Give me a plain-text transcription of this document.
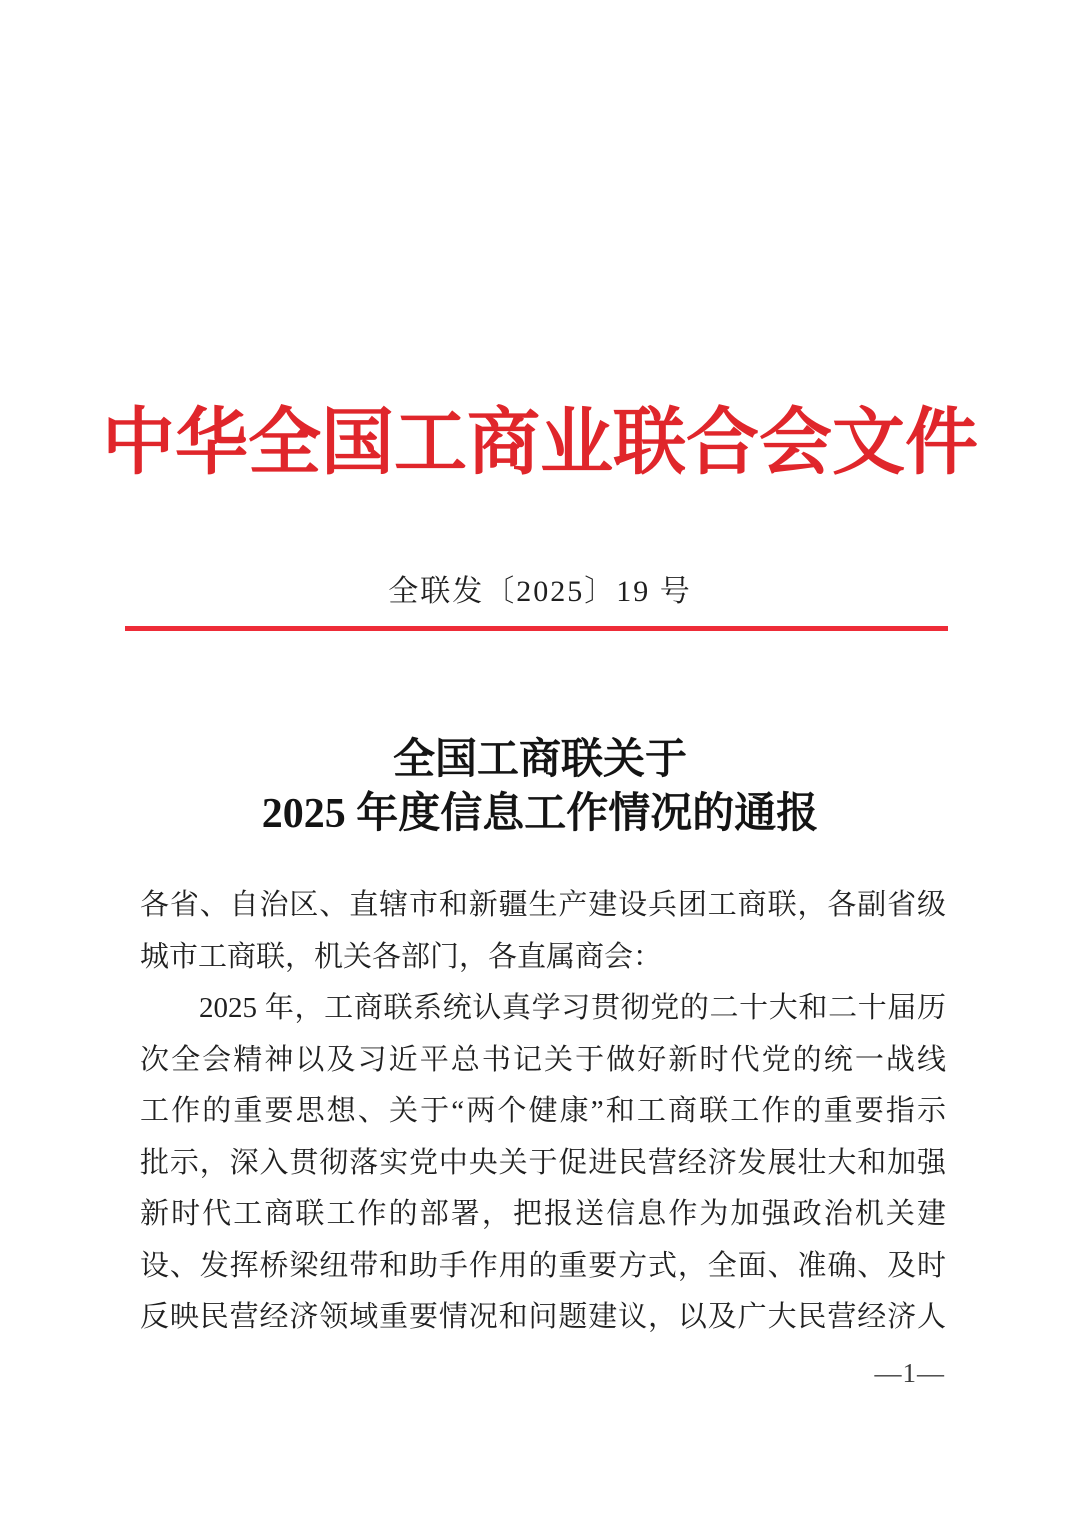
中华全国工商业联合会文件
全联发〔2025〕19 号
全国工商联关于
2025 年度信息工作情况的通报
各省、自治区、直辖市和新疆生产建设兵团工商联，各副省级
城市工商联，机关各部门，各直属商会：
2025 年，工商联系统认真学习贯彻党的二十大和二十届历
次全会精神以及习近平总书记关于做好新时代党的统一战线
工作的重要思想、关于“两个健康”和工商联工作的重要指示
批示，深入贯彻落实党中央关于促进民营经济发展壮大和加强
新时代工商联工作的部署，把报送信息作为加强政治机关建
设、发挥桥梁纽带和助手作用的重要方式，全面、准确、及时
反映民营经济领域重要情况和问题建议，以及广大民营经济人
—1—
